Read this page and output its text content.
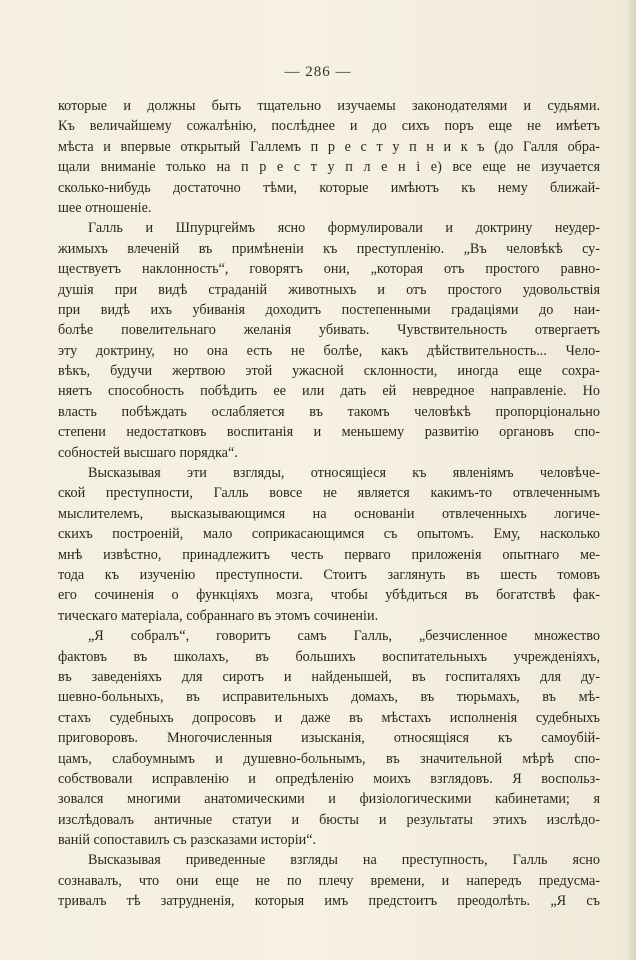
— 286 —
которые и должны быть тщательно изучаемы законодателями и судьями.
Къ величайшему сожалѣнію, послѣднее и до сихъ поръ еще не имѣетъ
мѣста и впервые открытый Галлемъ п р е с т у п н и к ъ (до Галля обра-
щали вниманіе только на п р е с т у п л е н і е) все еще не изучается
сколько-нибудь достаточно тѣми, которые имѣютъ къ нему ближай-
шее отношеніе.
Галль и Шпурцгеймъ ясно формулировали и доктрину неудер-
жимыхъ влеченій въ примѣненіи къ преступленію. „Въ человѣкѣ су-
ществуетъ наклонность“, говорятъ они, „которая отъ простого равно-
душія при видѣ страданій животныхъ и отъ простого удовольствія
при видѣ ихъ убиванія доходитъ постепенными градаціями до наи-
болѣе повелительнаго желанія убивать. Чувствительность отвергаетъ
эту доктрину, но она есть не болѣе, какъ дѣйствительность... Чело-
вѣкъ, будучи жертвою этой ужасной склонности, иногда еще сохра-
няетъ способность побѣдить ее или дать ей невредное направленіе. Но
власть побѣждать ослабляется въ такомъ человѣкѣ пропорціонально
степени недостатковъ воспитанія и меньшему развитію органовъ спо-
собностей высшаго порядка“.
Высказывая эти взгляды, относящіеся къ явленіямъ человѣче-
ской преступности, Галль вовсе не является какимъ-то отвлеченнымъ
мыслителемъ, высказывающимся на основаніи отвлеченныхъ логиче-
скихъ построеній, мало соприкасающимся съ опытомъ. Ему, насколько
мнѣ извѣстно, принадлежитъ честь перваго приложенія опытнаго ме-
тода къ изученію преступности. Стоитъ заглянуть въ шесть томовъ
его сочиненія о функціяхъ мозга, чтобы убѣдиться въ богатствѣ фак-
тическаго матеріала, собраннаго въ этомъ сочиненіи.
„Я собралъ“, говоритъ самъ Галль, „безчисленное множество
фактовъ въ школахъ, въ большихъ воспитательныхъ учрежденіяхъ,
въ заведеніяхъ для сиротъ и найденышей, въ госпиталяхъ для ду-
шевно-больныхъ, въ исправительныхъ домахъ, въ тюрьмахъ, въ мѣ-
стахъ судебныхъ допросовъ и даже въ мѣстахъ исполненія судебныхъ
приговоровъ. Многочисленныя изысканія, относящіяся къ самоубій-
цамъ, слабоумнымъ и душевно-больнымъ, въ значительной мѣрѣ спо-
собствовали исправленію и опредѣленію моихъ взглядовъ. Я воспольз-
зовался многими анатомическими и физіологическими кабинетами; я
изслѣдовалъ античные статуи и бюсты и результаты этихъ изслѣдо-
ваній сопоставилъ съ разсказами исторіи“.
Высказывая приведенные взгляды на преступность, Галль ясно
сознавалъ, что они еще не по плечу времени, и напередъ предусма-
тривалъ тѣ затрудненія, которыя имъ предстоитъ преодолѣть. „Я съ
